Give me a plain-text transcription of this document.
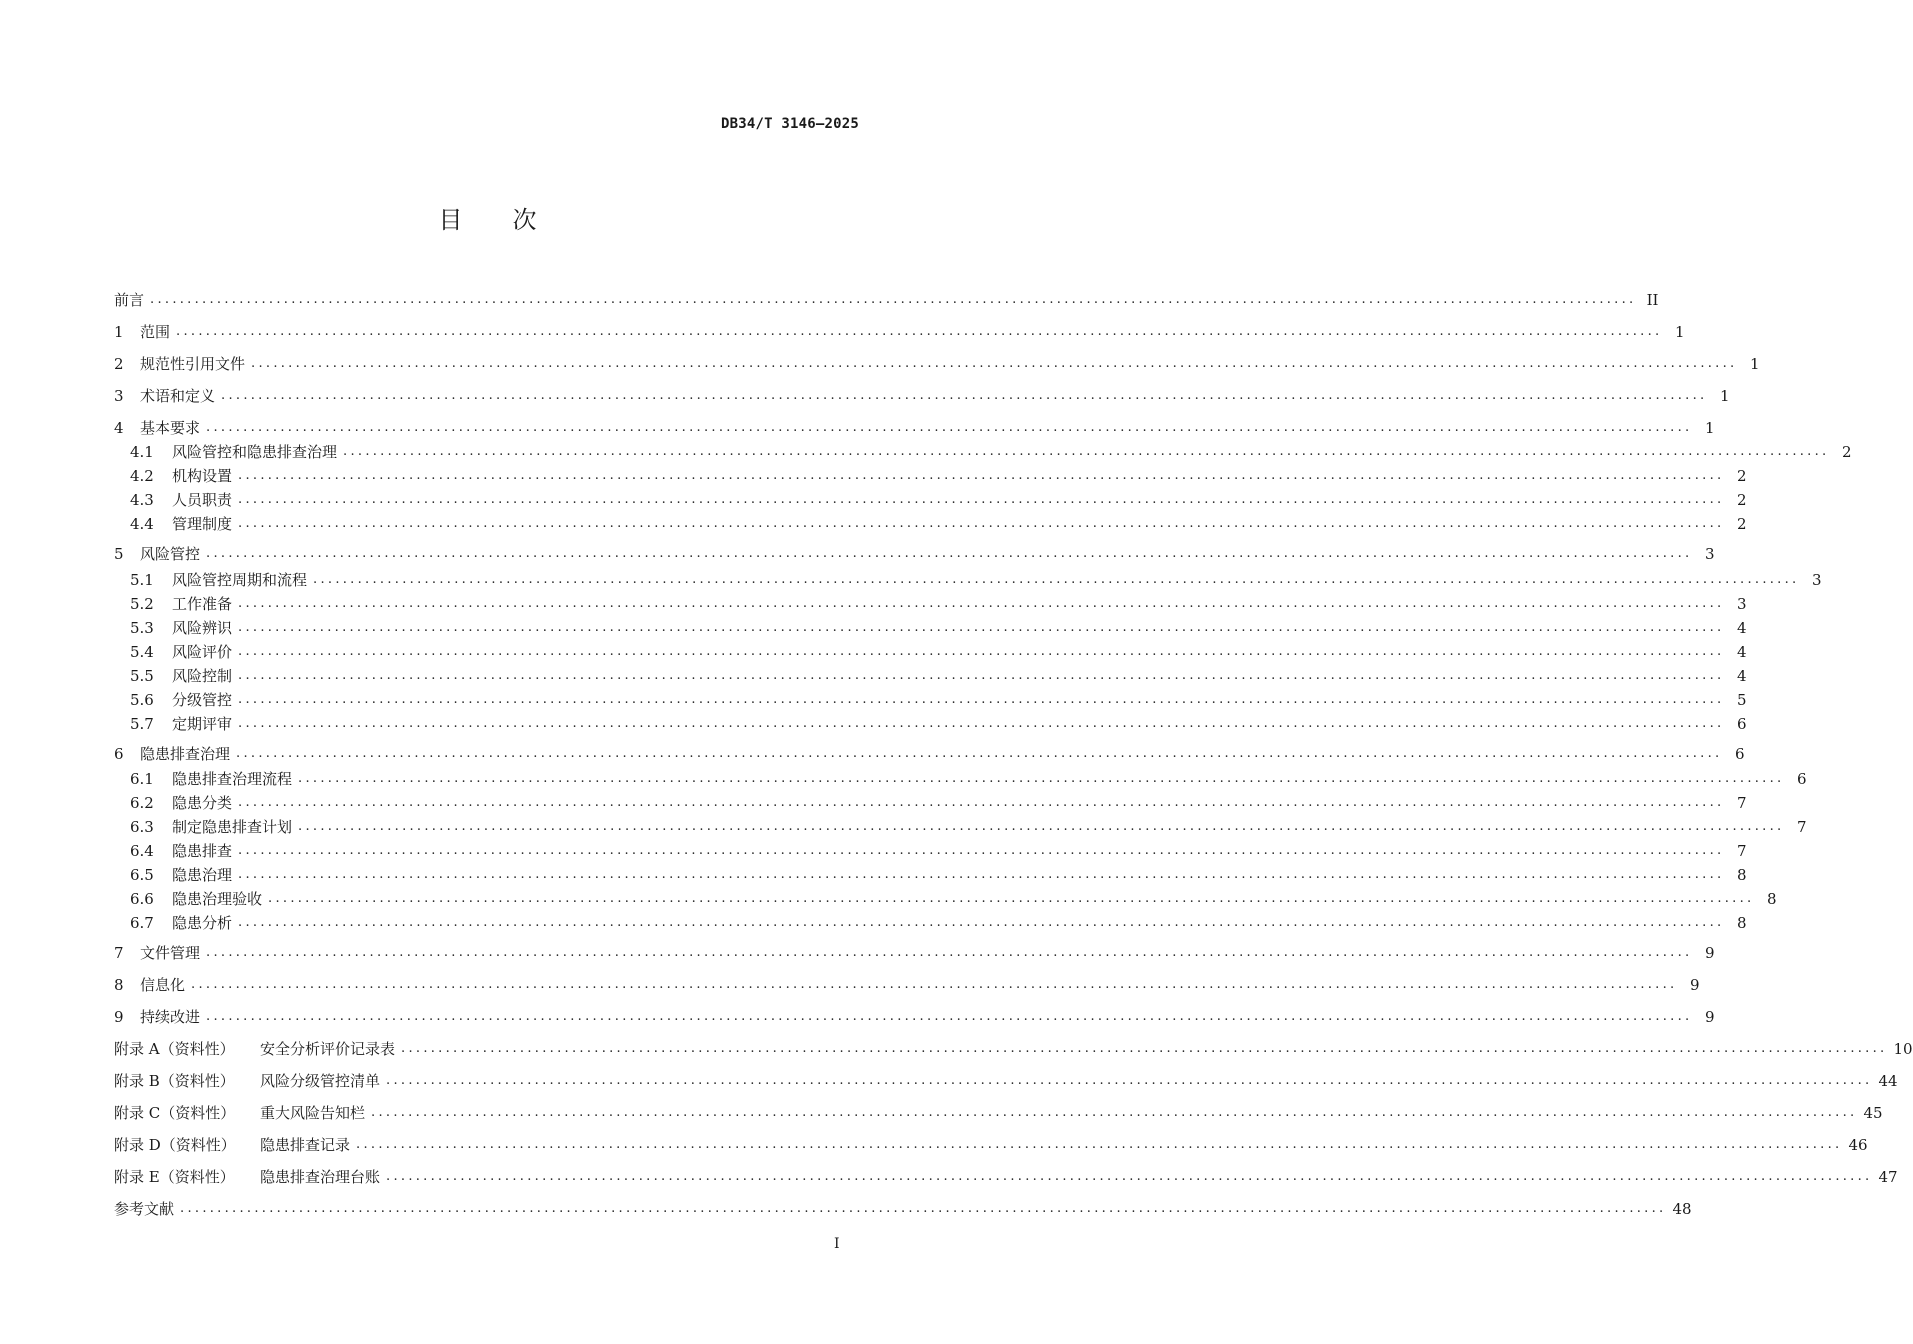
DB34/T 3146—2025
目 次
前言 ........................................................................................................................................................................................................ II
1	范围 ........................................................................................................................................................................................................ 1
2	规范性引用文件 ........................................................................................................................................................................................................ 1
3	术语和定义 ........................................................................................................................................................................................................ 1
4	基本要求 ........................................................................................................................................................................................................ 1
4.1	风险管控和隐患排查治理 ........................................................................................................................................................................................................ 2
4.2	机构设置 ........................................................................................................................................................................................................ 2
4.3	人员职责 ........................................................................................................................................................................................................ 2
4.4	管理制度 ........................................................................................................................................................................................................ 2
5	风险管控 ........................................................................................................................................................................................................ 3
5.1	风险管控周期和流程 ........................................................................................................................................................................................................ 3
5.2	工作准备 ........................................................................................................................................................................................................ 3
5.3	风险辨识 ........................................................................................................................................................................................................ 4
5.4	风险评价 ........................................................................................................................................................................................................ 4
5.5	风险控制 ........................................................................................................................................................................................................ 4
5.6	分级管控 ........................................................................................................................................................................................................ 5
5.7	定期评审 ........................................................................................................................................................................................................ 6
6	隐患排查治理 ........................................................................................................................................................................................................ 6
6.1	隐患排查治理流程 ........................................................................................................................................................................................................ 6
6.2	隐患分类 ........................................................................................................................................................................................................ 7
6.3	制定隐患排查计划 ........................................................................................................................................................................................................ 7
6.4	隐患排查 ........................................................................................................................................................................................................ 7
6.5	隐患治理 ........................................................................................................................................................................................................ 8
6.6	隐患治理验收 ........................................................................................................................................................................................................ 8
6.7	隐患分析 ........................................................................................................................................................................................................ 8
7	文件管理 ........................................................................................................................................................................................................ 9
8	信息化 ........................................................................................................................................................................................................ 9
9	持续改进 ........................................................................................................................................................................................................ 9
附录 A（资料性）	安全分析评价记录表 ........................................................................................................................................................................................................ 10
附录 B（资料性）	风险分级管控清单 ........................................................................................................................................................................................................ 44
附录 C（资料性）	重大风险告知栏 ........................................................................................................................................................................................................ 45
附录 D（资料性）	隐患排查记录 ........................................................................................................................................................................................................ 46
附录 E（资料性）	隐患排查治理台账 ........................................................................................................................................................................................................ 47
参考文献 ........................................................................................................................................................................................................ 48
I
